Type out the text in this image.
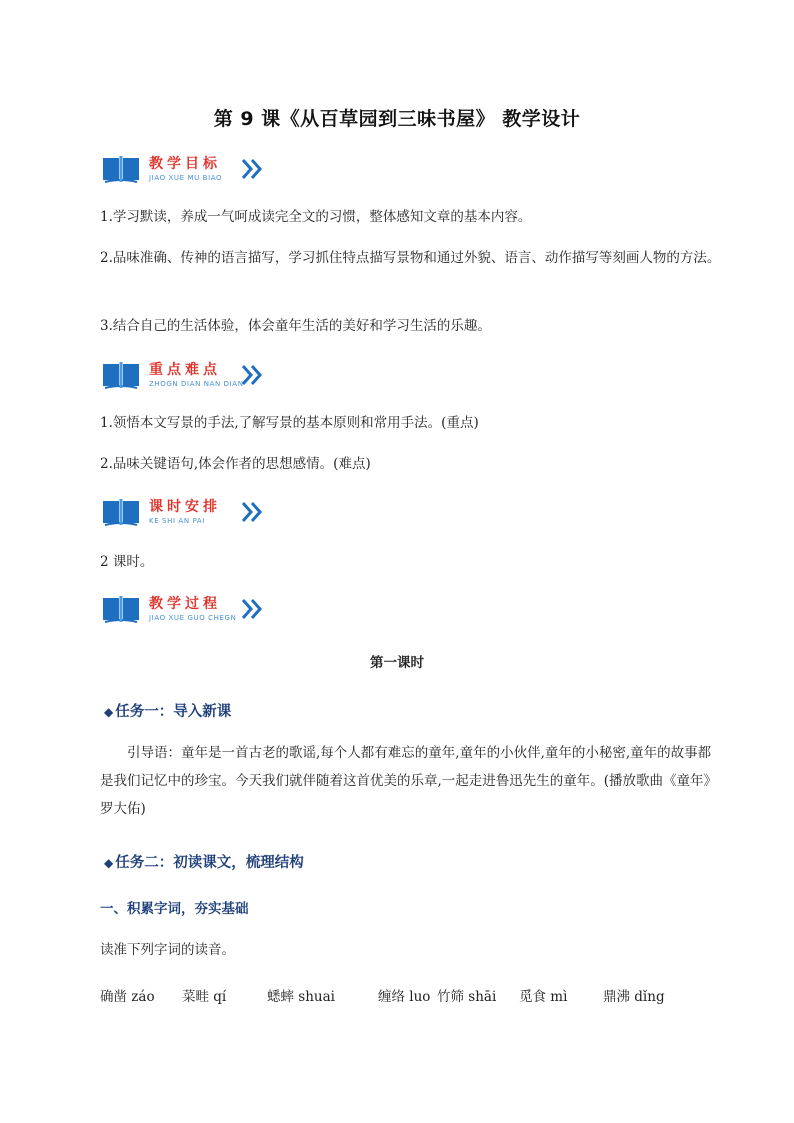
第 9 课《从百草园到三味书屋》 教学设计
教学目标
JIAO XUE MU BIAO
1.学习默读，养成一气呵成读完全文的习惯，整体感知文章的基本内容。
2.品味准确、传神的语言描写，学习抓住特点描写景物和通过外貌、语言、动作描写等刻画人物的方法。
3.结合自己的生活体验，体会童年生活的美好和学习生活的乐趣。
重点难点
ZHOGN DIAN NAN DIAN
1.领悟本文写景的手法,了解写景的基本原则和常用手法。(重点)
2.品味关键语句,体会作者的思想感情。(难点)
课时安排
KE SHI AN PAI
2 课时。
教学过程
JIAO XUE GUO CHEGN
第一课时
◆ 任务一：导入新课
引导语：童年是一首古老的歌谣,每个人都有难忘的童年,童年的小伙伴,童年的小秘密,童年的故事都是我们记忆中的珍宝。今天我们就伴随着这首优美的乐章,一起走进鲁迅先生的童年。(播放歌曲《童年》罗大佑)
◆ 任务二：初读课文，梳理结构
一、积累字词，夯实基础
读准下列字词的读音。
确凿 záo 菜畦 qí	蟋蟀 shuai	缠络 luo 竹筛 shāi 觅食 mì	鼎沸 dǐng
